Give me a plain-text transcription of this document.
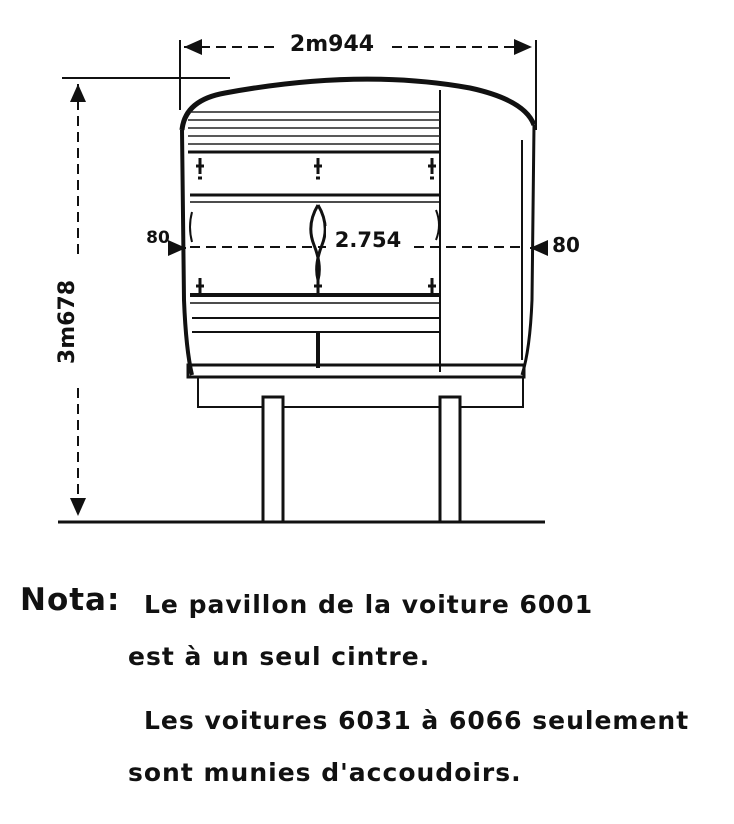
2m944
3m678
2.754
80	80
Nota: Le pavillon de la voiture 6001
est à un seul cintre.
Les voitures 6031 à 6066 seulement
sont munies d'accoudoirs.
